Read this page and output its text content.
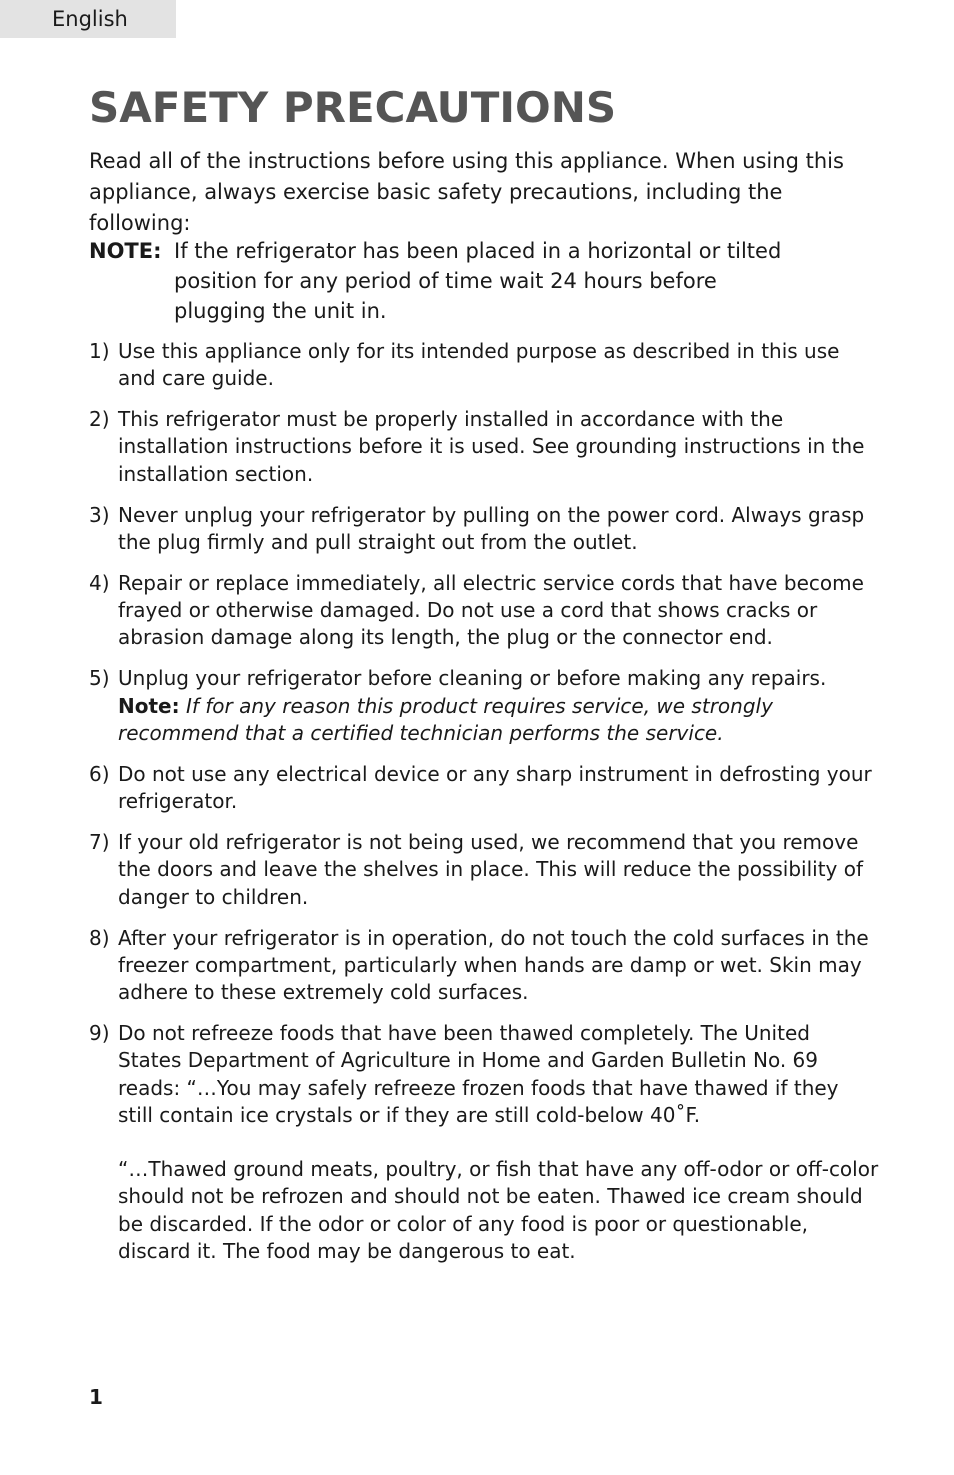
English
SAFETY PRECAUTIONS

Read all of the instructions before using this appliance. When using this appliance, always exercise basic safety precautions, including the following:

NOTE: If the refrigerator has been placed in a horizontal or tilted position for any period of time wait 24 hours before plugging the unit in.
1) Use this appliance only for its intended purpose as described in this use and care guide.
2) This refrigerator must be properly installed in accordance with the installation instructions before it is used. See grounding instructions in the installation section.
3) Never unplug your refrigerator by pulling on the power cord. Always grasp the plug firmly and pull straight out from the outlet.
4) Repair or replace immediately, all electric service cords that have become frayed or otherwise damaged. Do not use a cord that shows cracks or abrasion damage along its length, the plug or the connector end.
5) Unplug your refrigerator before cleaning or before making any repairs. Note: If for any reason this product requires service, we strongly recommend that a certified technician performs the service.
6) Do not use any electrical device or any sharp instrument in defrosting your refrigerator.
7) If your old refrigerator is not being used, we recommend that you remove the doors and leave the shelves in place. This will reduce the possibility of danger to children.
8) After your refrigerator is in operation, do not touch the cold surfaces in the freezer compartment, particularly when hands are damp or wet. Skin may adhere to these extremely cold surfaces.
9) Do not refreeze foods that have been thawed completely. The United States Department of Agriculture in Home and Garden Bulletin No. 69 reads: “…You may safely refreeze frozen foods that have thawed if they still contain ice crystals or if they are still cold-below 40˚F.
“…Thawed ground meats, poultry, or fish that have any off-odor or off-color should not be refrozen and should not be eaten. Thawed ice cream should be discarded. If the odor or color of any food is poor or questionable, discard it. The food may be dangerous to eat.
1
